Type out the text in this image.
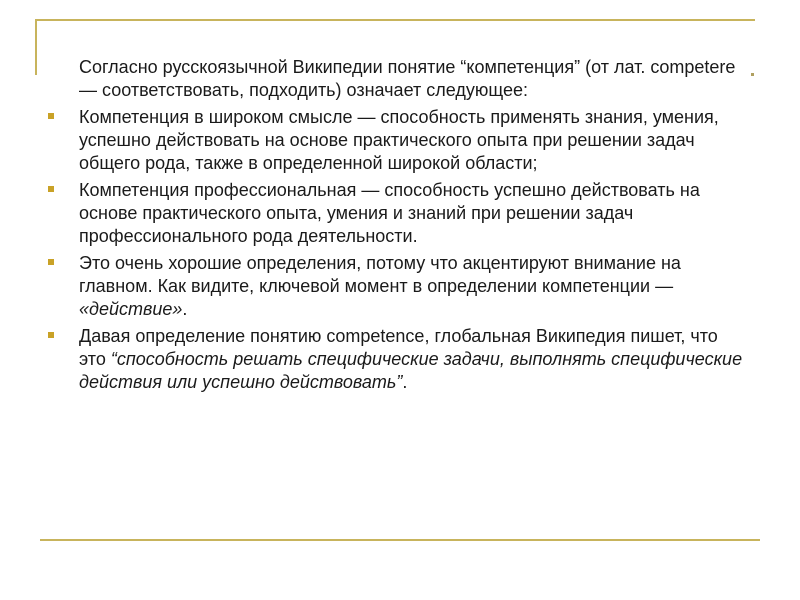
Согласно русскоязычной Википедии понятие “компетенция” (от лат. competere — соответствовать, подходить) означает следующее:

Компетенция в широком смысле — способность применять знания, умения, успешно действовать на основе практического опыта при решении задач общего рода, также в определенной широкой области;

Компетенция профессиональная — способность успешно действовать на основе практического опыта, умения и знаний при решении задач профессионального рода деятельности.

Это очень хорошие определения, потому что акцентируют внимание на главном. Как видите, ключевой момент в определении компетенции — «действие».

Давая определение понятию competence, глобальная Википедия пишет, что это “способность решать специфические задачи, выполнять специфические действия или успешно действовать”.
